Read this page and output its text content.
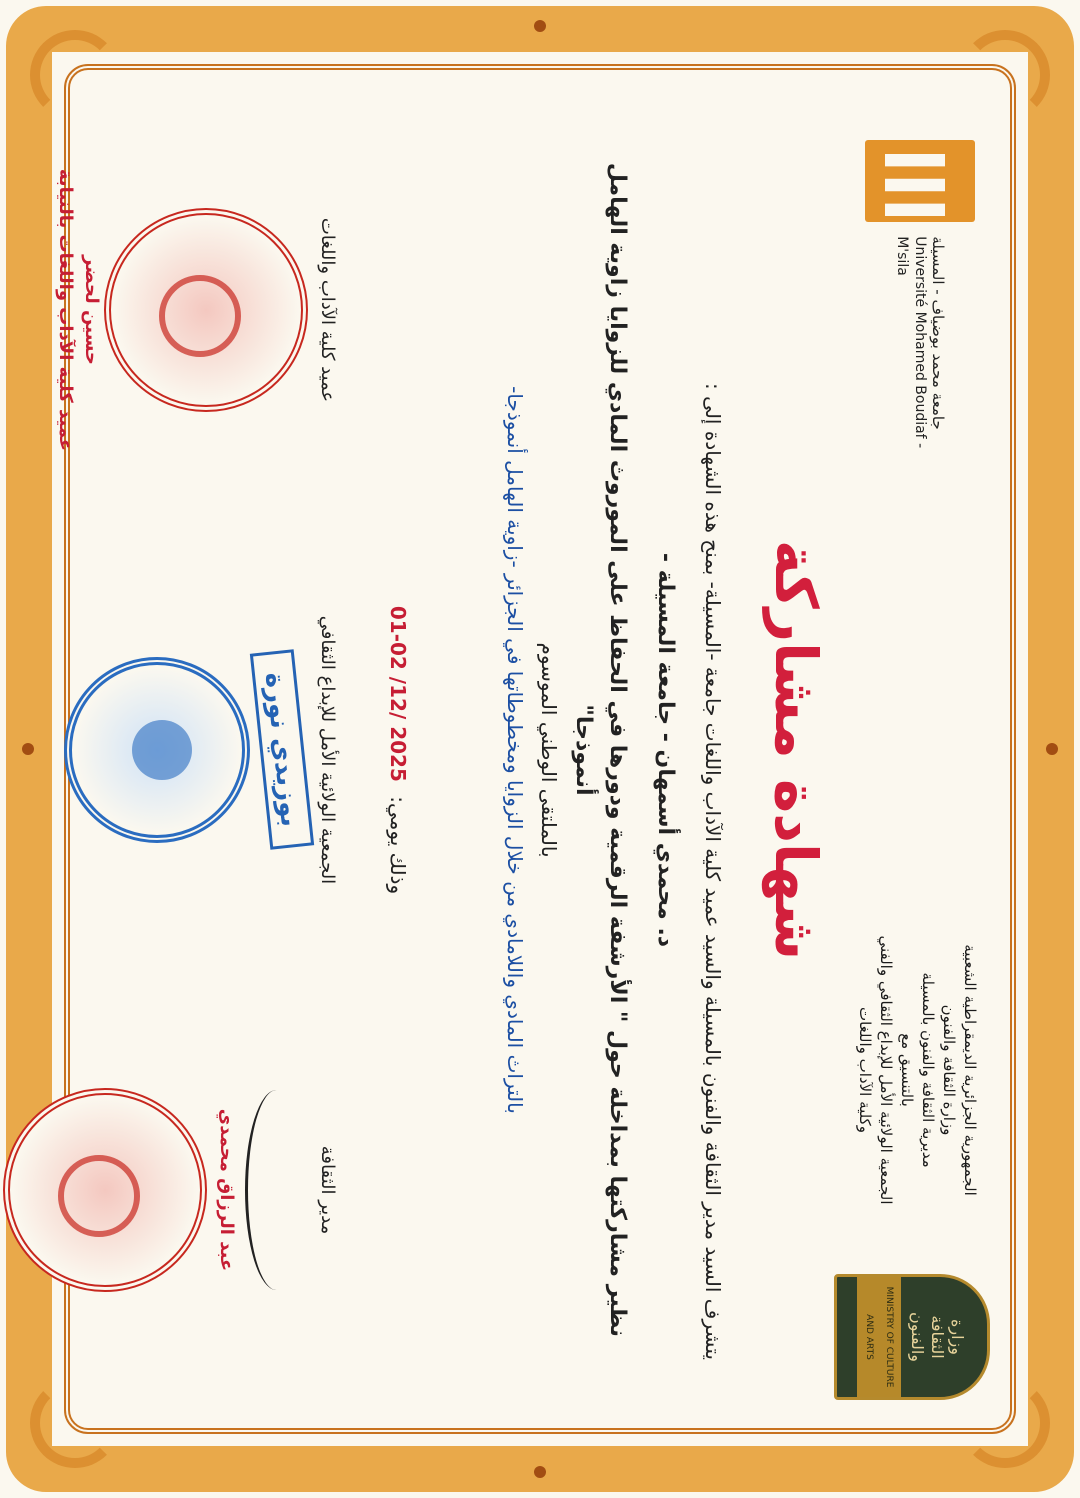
وزارة
الثقافة
والفنون
MINISTRY OF CULTURE AND ARTS
الجمهورية الجزائرية الديمقراطية الشعبية
وزارة الثقافة والفنون
مديرية الثقافة والفنون بالمسيلة
بالتنسيق مع
الجمعية الولائية الأمل للإبداع الثقافي والفني
وكلية الآداب واللغات
جامعة محمد بوضياف - المسيلة
Université Mohamed Boudiaf - M'sila
شهادة مشاركة

يتشرف السيد مدير الثقافة والفنون بالمسيلة والسيد عميد كلية الآداب واللغات جامعة -المسيلة- بمنح هذه الشهادة إلى :

د. محمدي أسمهان - جامعة المسيلة -

نظير مشاركتها بمداخلة حول " الأرشفة الرقمية ودورها في الحفاظ على الموروث المادي للزوايا زاوية الهامل أنموذجا"

بالملتقى الوطني الموسوم

بالتراث المادي واللامادي من خلال الزوايا ومخطوطاتها في الجزائر -زاوية الهامل أنموذجا-

وذلك يومي: 01-02 /12/ 2025
مدير الثقافة
عبد الرزاق محمدي
الجمعية الولائية الأمل للإبداع الثقافي
بوزيدي نورة
عميد كلية الآداب واللغات
حسين لحضر
عميد كلية الآداب واللغات بالنيابة
